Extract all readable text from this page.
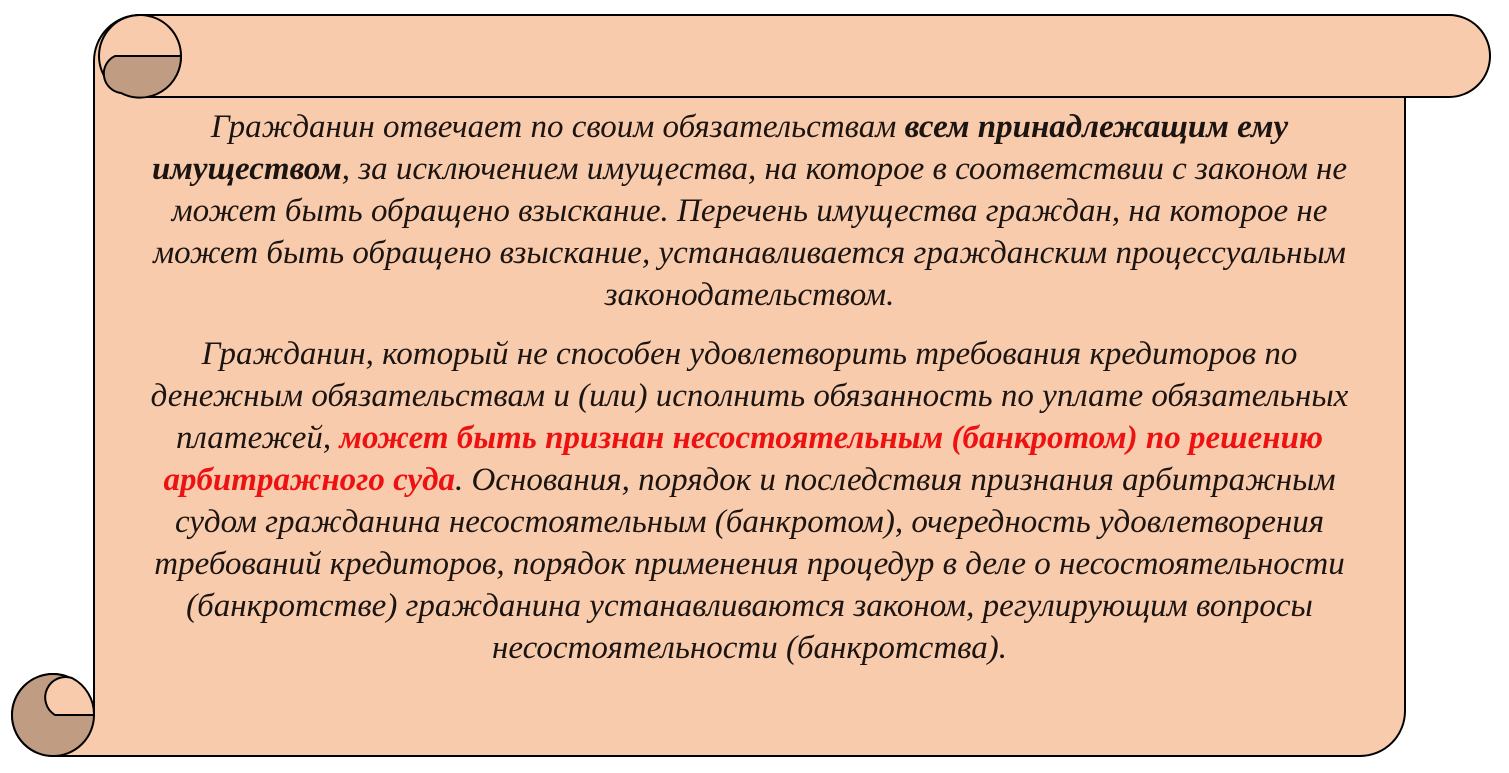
Гражданин отвечает по своим обязательствам всем принадлежащим ему
имуществом, за исключением имущества, на которое в соответствии с законом не
может быть обращено взыскание. Перечень имущества граждан, на которое не
может быть обращено взыскание, устанавливается гражданским процессуальным
законодательством.
Гражданин, который не способен удовлетворить требования кредиторов по
денежным обязательствам и (или) исполнить обязанность по уплате обязательных
платежей, может быть признан несостоятельным (банкротом) по решению
арбитражного суда. Основания, порядок и последствия признания арбитражным
судом гражданина несостоятельным (банкротом), очередность удовлетворения
требований кредиторов, порядок применения процедур в деле о несостоятельности
(банкротстве) гражданина устанавливаются законом, регулирующим вопросы
несостоятельности (банкротства).
